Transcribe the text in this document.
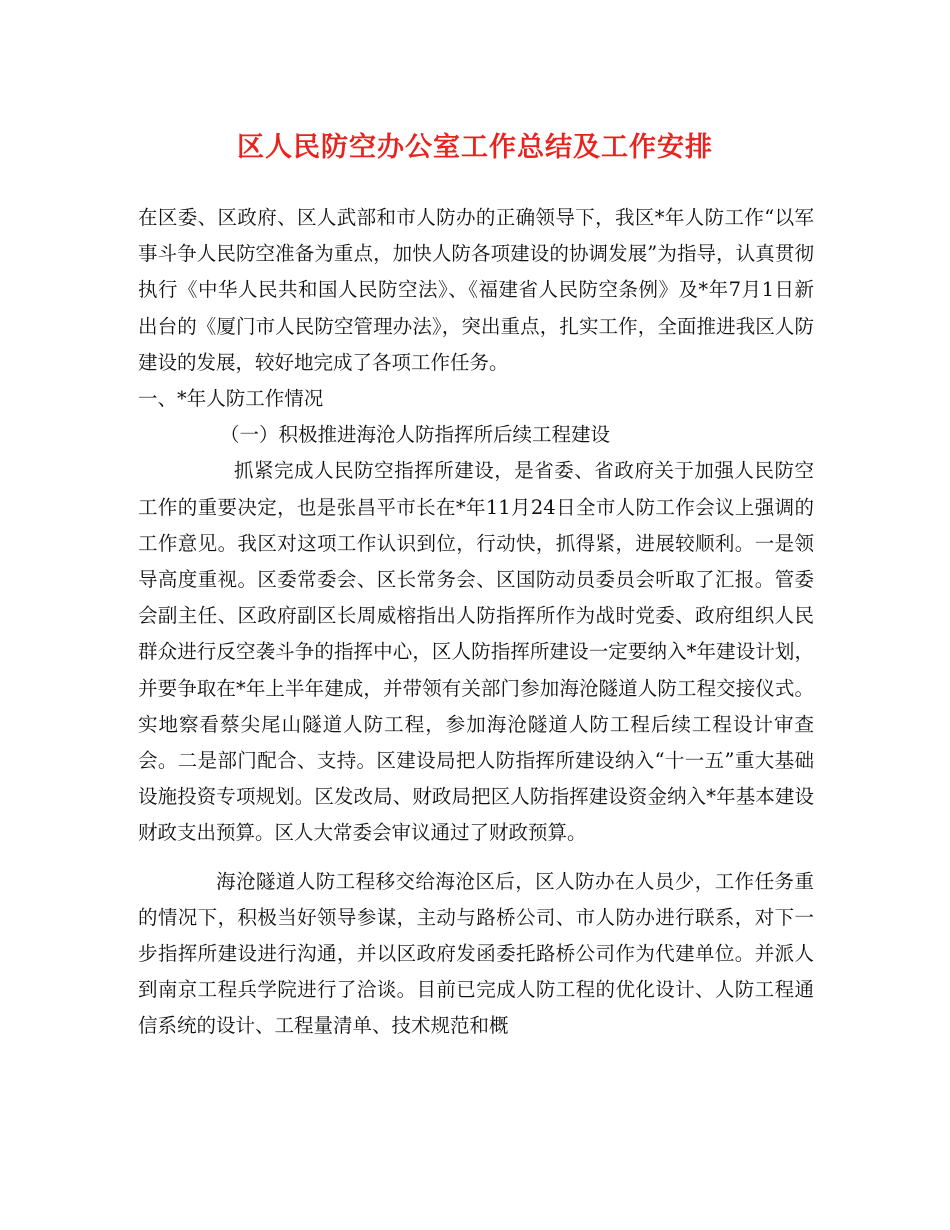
区人民防空办公室工作总结及工作安排

在区委、区政府、区人武部和市人防办的正确领导下，我区*年人防工作“以军事斗争人民防空准备为重点，加快人防各项建设的协调发展”为指导，认真贯彻执行《中华人民共和国人民防空法》、《福建省人民防空条例》及*年7月1日新出台的《厦门市人民防空管理办法》，突出重点，扎实工作，全面推进我区人防建设的发展，较好地完成了各项工作任务。

一、*年人防工作情况

（一）积极推进海沧人防指挥所后续工程建设

抓紧完成人民防空指挥所建设，是省委、省政府关于加强人民防空工作的重要决定，也是张昌平市长在*年11月24日全市人防工作会议上强调的工作意见。我区对这项工作认识到位，行动快，抓得紧，进展较顺利。一是领导高度重视。区委常委会、区长常务会、区国防动员委员会听取了汇报。管委会副主任、区政府副区长周威榕指出人防指挥所作为战时党委、政府组织人民群众进行反空袭斗争的指挥中心，区人防指挥所建设一定要纳入*年建设计划，并要争取在*年上半年建成，并带领有关部门参加海沧隧道人防工程交接仪式。实地察看蔡尖尾山隧道人防工程，参加海沧隧道人防工程后续工程设计审查会。二是部门配合、支持。区建设局把人防指挥所建设纳入“十一五”重大基础设施投资专项规划。区发改局、财政局把区人防指挥建设资金纳入*年基本建设财政支出预算。区人大常委会审议通过了财政预算。

海沧隧道人防工程移交给海沧区后，区人防办在人员少，工作任务重的情况下，积极当好领导参谋，主动与路桥公司、市人防办进行联系，对下一步指挥所建设进行沟通，并以区政府发函委托路桥公司作为代建单位。并派人到南京工程兵学院进行了洽谈。目前已完成人防工程的优化设计、人防工程通信系统的设计、工程量清单、技术规范和概
